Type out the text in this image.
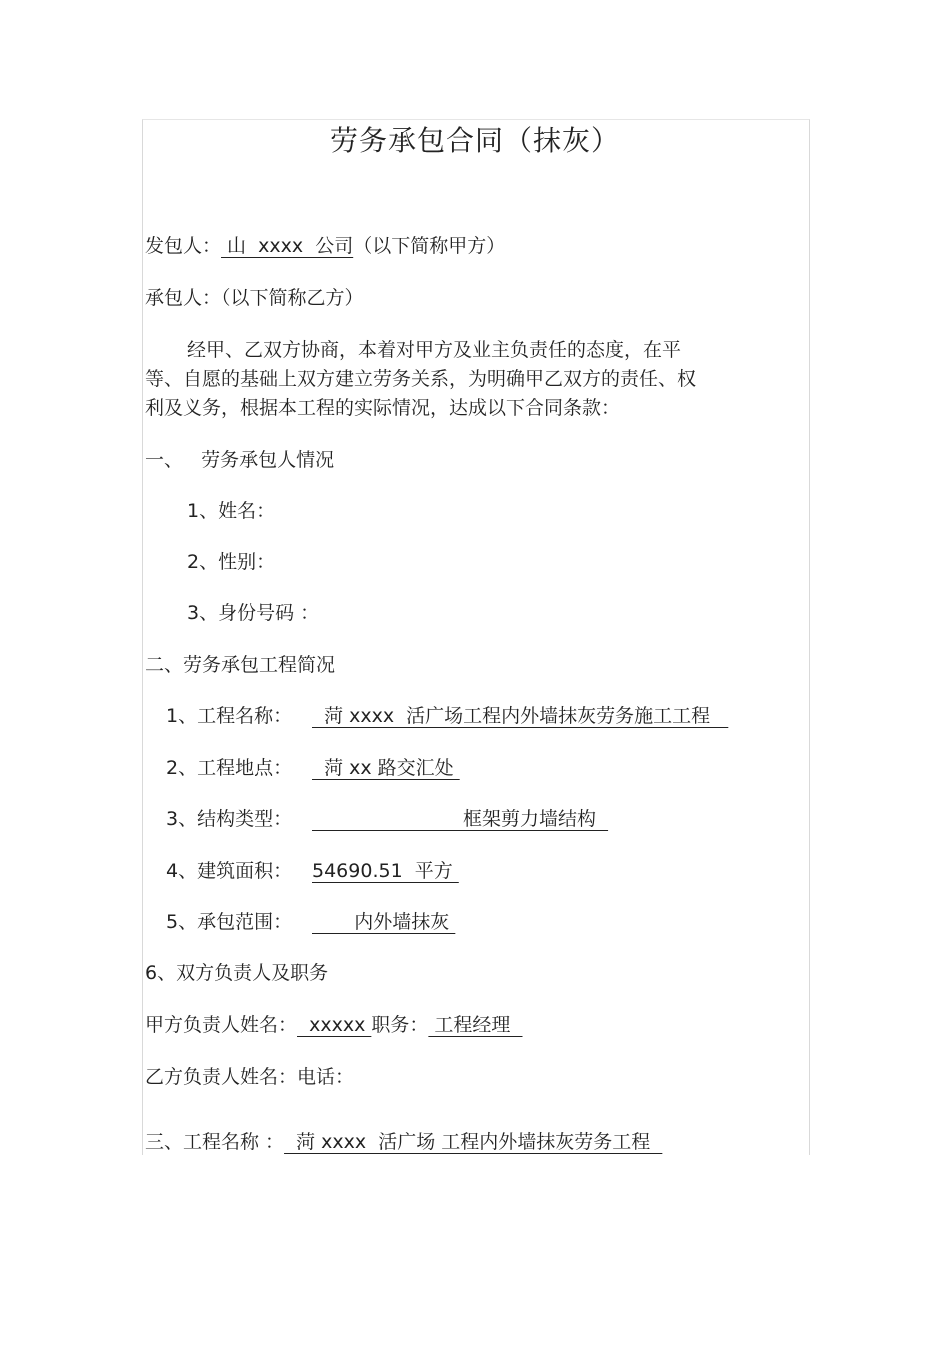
劳务承包合同（抹灰）
发包人： 山  xxxx  公司（以下简称甲方）
承包人：（以下简称乙方）

经甲、乙双方协商，本着对甲方及业主负责任的态度，在平

等、自愿的基础上双方建立劳务关系，为明确甲乙双方的责任、权

利及义务，根据本工程的实际情况，达成以下合同条款：

一、   劳务承包人情况
1、姓名：
2、性别：
3、身份号码 ：
二、劳务承包工程简况
1、工程名称：  菏 xxxx  活广场工程内外墙抹灰劳务施工工程
2、工程地点：  菏 xx 路交汇处
3、结构类型：                         框架剪力墙结构
4、建筑面积： 54690.51  平方
5、承包范围：       内外墙抹灰
6、双方负责人及职务
甲方负责人姓名：  xxxxx 职务： 工程经理
乙方负责人姓名：电话：
三、工程名称 ：  菏 xxxx  活广场 工程内外墙抹灰劳务工程
